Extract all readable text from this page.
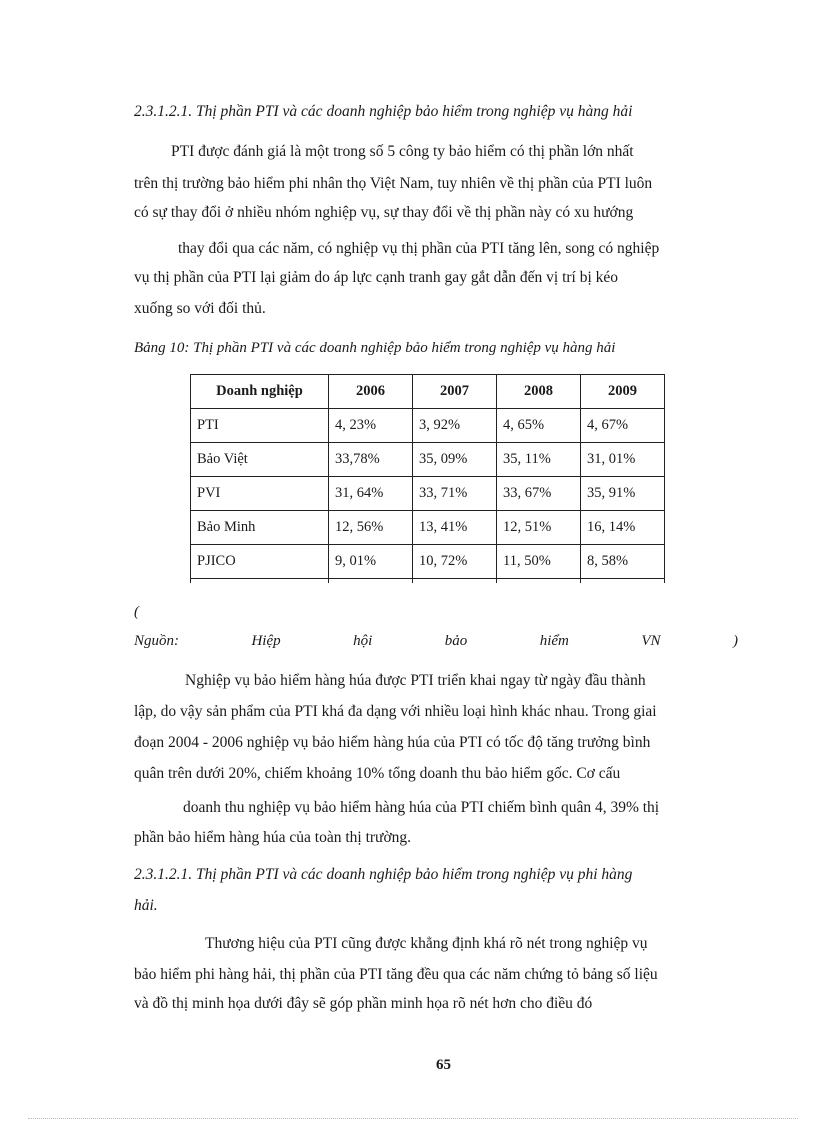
2.3.1.2.1. Thị phần PTI và các doanh nghiệp bảo hiểm trong nghiệp vụ hàng hải
PTI được đánh giá là một trong số 5 công ty bảo hiểm có thị phần lớn nhất
trên thị trường bảo hiểm phi nhân thọ Việt Nam, tuy nhiên về thị phần của PTI luôn
có sự thay đổi ở nhiều nhóm nghiệp vụ, sự thay đổi về thị phần này có xu hướng
thay đổi qua các năm, có nghiệp vụ thị phần của PTI tăng lên, song có nghiệp
vụ thị phần của PTI lại giảm do áp lực cạnh tranh gay gắt dẫn đến vị trí bị kéo
xuống so với đối thủ.
Bảng 10: Thị phần PTI và các doanh nghiệp bảo hiểm trong nghiệp vụ hàng hải
Doanh nghiệp	2006	2007	2008	2009
PTI	4, 23%	3, 92%	4, 65%	4, 67%
Bảo Việt	33,78%	35, 09%	35, 11%	31, 01%
PVI	31, 64%	33, 71%	33, 67%	35, 91%
Bảo Minh	12, 56%	13, 41%	12, 51%	16, 14%
PJICO	9, 01%	10, 72%	11, 50%	8, 58%

(
Nguồn:	Hiệp	hội	bảo	hiểm	VN	)
Nghiệp vụ bảo hiểm hàng húa được PTI triển khai ngay từ ngày đầu thành
lập, do vậy sản phẩm của PTI khá đa dạng với nhiều loại hình khác nhau. Trong giai
đoạn 2004 - 2006 nghiệp vụ bảo hiểm hàng húa của PTI có tốc độ tăng trưởng bình
quân trên dưới 20%, chiếm khoảng 10% tổng doanh thu bảo hiểm gốc. Cơ cấu
doanh thu nghiệp vụ bảo hiểm hàng húa của PTI chiếm bình quân 4, 39% thị
phần bảo hiểm hàng húa của toàn thị trường.
2.3.1.2.1. Thị phần PTI và các doanh nghiệp bảo hiểm trong nghiệp vụ phi hàng
hải.
Thương hiệu của PTI cũng được khẳng định khá rõ nét trong nghiệp vụ
bảo hiểm phi hàng hải, thị phần của PTI tăng đều qua các năm chứng tỏ bảng số liệu
và đồ thị minh họa dưới đây sẽ góp phần minh họa rõ nét hơn cho điều đó
65
